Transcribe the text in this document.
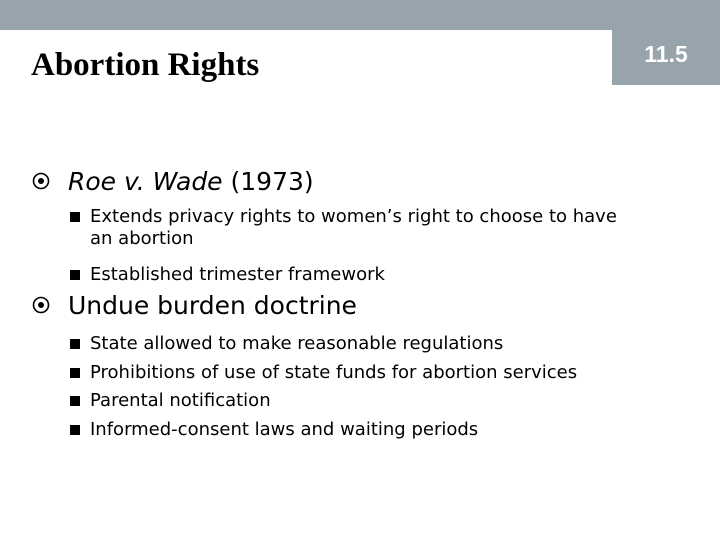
11.5
Abortion Rights
Roe v. Wade (1973)
Extends privacy rights to women’s right to choose to have
an abortion
Established trimester framework
Undue burden doctrine
State allowed to make reasonable regulations
Prohibitions of use of state funds for abortion services
Parental notification
Informed-consent laws and waiting periods
